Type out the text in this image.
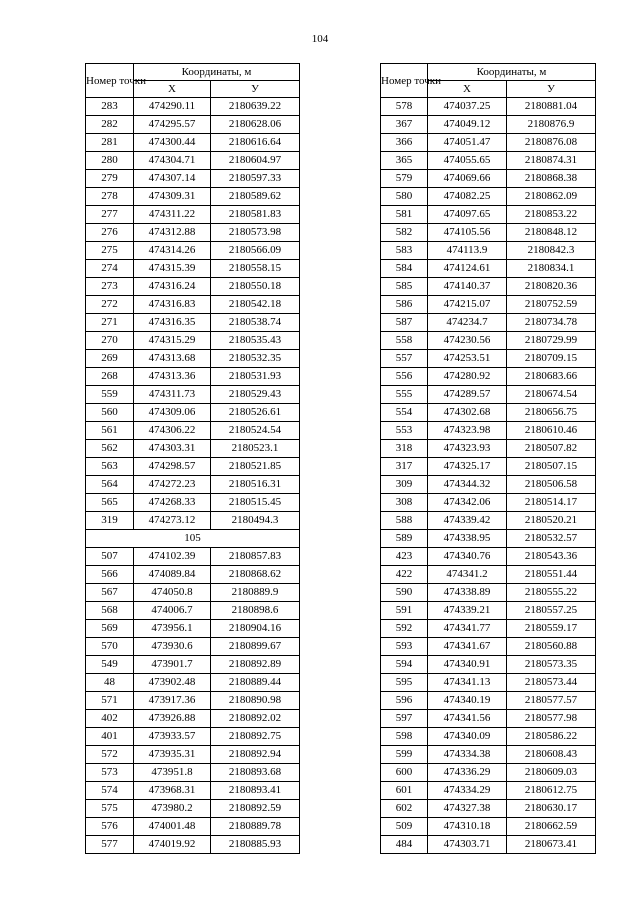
104
Номер точки	Координаты, м	
	X	У
283	474290.11	2180639.22
282	474295.57	2180628.06
281	474300.44	2180616.64
280	474304.71	2180604.97
279	474307.14	2180597.33
278	474309.31	2180589.62
277	474311.22	2180581.83
276	474312.88	2180573.98
275	474314.26	2180566.09
274	474315.39	2180558.15
273	474316.24	2180550.18
272	474316.83	2180542.18
271	474316.35	2180538.74
270	474315.29	2180535.43
269	474313.68	2180532.35
268	474313.36	2180531.93
559	474311.73	2180529.43
560	474309.06	2180526.61
561	474306.22	2180524.54
562	474303.31	2180523.1
563	474298.57	2180521.85
564	474272.23	2180516.31
565	474268.33	2180515.45
319	474273.12	2180494.3
105		
507	474102.39	2180857.83
566	474089.84	2180868.62
567	474050.8	2180889.9
568	474006.7	2180898.6
569	473956.1	2180904.16
570	473930.6	2180899.67
549	473901.7	2180892.89
48	473902.48	2180889.44
571	473917.36	2180890.98
402	473926.88	2180892.02
401	473933.57	2180892.75
572	473935.31	2180892.94
573	473951.8	2180893.68
574	473968.31	2180893.41
575	473980.2	2180892.59
576	474001.48	2180889.78
577	474019.92	2180885.93
Номер точки	Координаты, м	
	X	У
578	474037.25	2180881.04
367	474049.12	2180876.9
366	474051.47	2180876.08
365	474055.65	2180874.31
579	474069.66	2180868.38
580	474082.25	2180862.09
581	474097.65	2180853.22
582	474105.56	2180848.12
583	474113.9	2180842.3
584	474124.61	2180834.1
585	474140.37	2180820.36
586	474215.07	2180752.59
587	474234.7	2180734.78
558	474230.56	2180729.99
557	474253.51	2180709.15
556	474280.92	2180683.66
555	474289.57	2180674.54
554	474302.68	2180656.75
553	474323.98	2180610.46
318	474323.93	2180507.82
317	474325.17	2180507.15
309	474344.32	2180506.58
308	474342.06	2180514.17
588	474339.42	2180520.21
589	474338.95	2180532.57
423	474340.76	2180543.36
422	474341.2	2180551.44
590	474338.89	2180555.22
591	474339.21	2180557.25
592	474341.77	2180559.17
593	474341.67	2180560.88
594	474340.91	2180573.35
595	474341.13	2180573.44
596	474340.19	2180577.57
597	474341.56	2180577.98
598	474340.09	2180586.22
599	474334.38	2180608.43
600	474336.29	2180609.03
601	474334.29	2180612.75
602	474327.38	2180630.17
509	474310.18	2180662.59
484	474303.71	2180673.41
